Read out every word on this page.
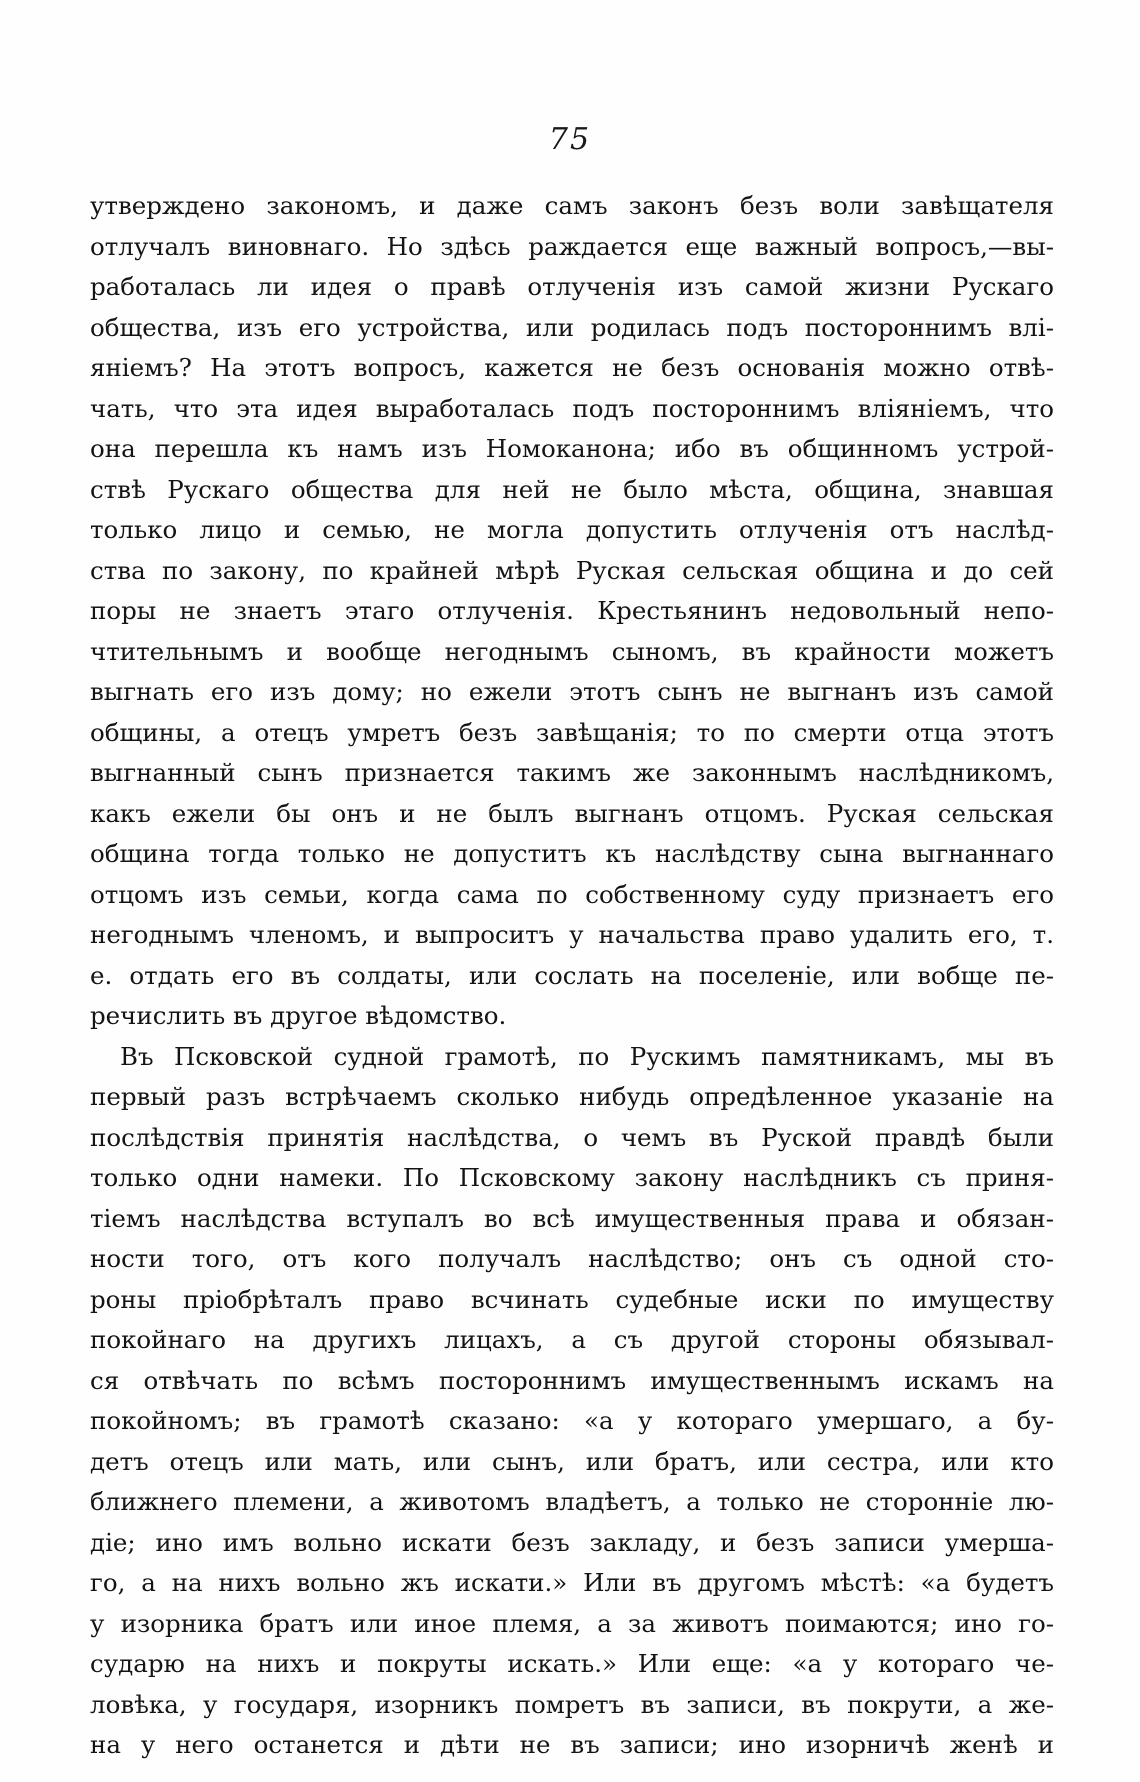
75
утверждено закономъ, и даже самъ законъ безъ воли завѣщателя
отлучалъ виновнаго. Но здѣсь раждается еще важный вопросъ,—вы-
работалась ли идея о правѣ отлученія изъ самой жизни Рускаго
общества, изъ его устройства, или родилась подъ постороннимъ влі-
яніемъ? На этотъ вопросъ, кажется не безъ основанія можно отвѣ-
чать, что эта идея выработалась подъ постороннимъ вліяніемъ, что
она перешла къ намъ изъ Номоканона; ибо въ общинномъ устрой-
ствѣ Рускаго общества для ней не было мѣста, община, знавшая
только лицо и семью, не могла допустить отлученія отъ наслѣд-
ства по закону, по крайней мѣрѣ Руская сельская община и до сей
поры не знаетъ этаго отлученія. Крестьянинъ недовольный непо-
чтительнымъ и вообще негоднымъ сыномъ, въ крайности можетъ
выгнать его изъ дому; но ежели этотъ сынъ не выгнанъ изъ самой
общины, а отецъ умретъ безъ завѣщанія; то по смерти отца этотъ
выгнанный сынъ признается такимъ же законнымъ наслѣдникомъ,
какъ ежели бы онъ и не былъ выгнанъ отцомъ. Руская сельская
община тогда только не допуститъ къ наслѣдству сына выгнаннаго
отцомъ изъ семьи, когда сама по собственному суду признаетъ его
негоднымъ членомъ, и выпроситъ у начальства право удалить его, т.
е. отдать его въ солдаты, или сослать на поселеніе, или вобще пе-
речислить въ другое вѣдомство.
Въ Псковской судной грамотѣ, по Рускимъ памятникамъ, мы въ
первый разъ встрѣчаемъ сколько нибудь опредѣленное указаніе на
послѣдствія принятія наслѣдства, о чемъ въ Руской правдѣ были
только одни намеки. По Псковскому закону наслѣдникъ съ приня-
тіемъ наслѣдства вступалъ во всѣ имущественныя права и обязан-
ности того, отъ кого получалъ наслѣдство; онъ съ одной сто-
роны пріобрѣталъ право всчинать судебные иски по имуществу
покойнаго на другихъ лицахъ, а съ другой стороны обязывал-
ся отвѣчать по всѣмъ постороннимъ имущественнымъ искамъ на
покойномъ; въ грамотѣ сказано: «а у котораго умершаго, а бу-
детъ отецъ или мать, или сынъ, или братъ, или сестра, или кто
ближнего племени, а животомъ владѣетъ, а только не сторонніе лю-
діе; ино имъ вольно искати безъ закладу, и безъ записи умерша-
го, а на нихъ вольно жъ искати.» Или въ другомъ мѣстѣ: «а будетъ
у изорника братъ или иное племя, а за животъ поимаются; ино го-
сударю на нихъ и покруты искать.» Или еще: «а у котораго че-
ловѣка, у государя, изорникъ помретъ въ записи, въ покрути, а же-
на у него останется и дѣти не въ записи; ино изорничѣ женѣ и
